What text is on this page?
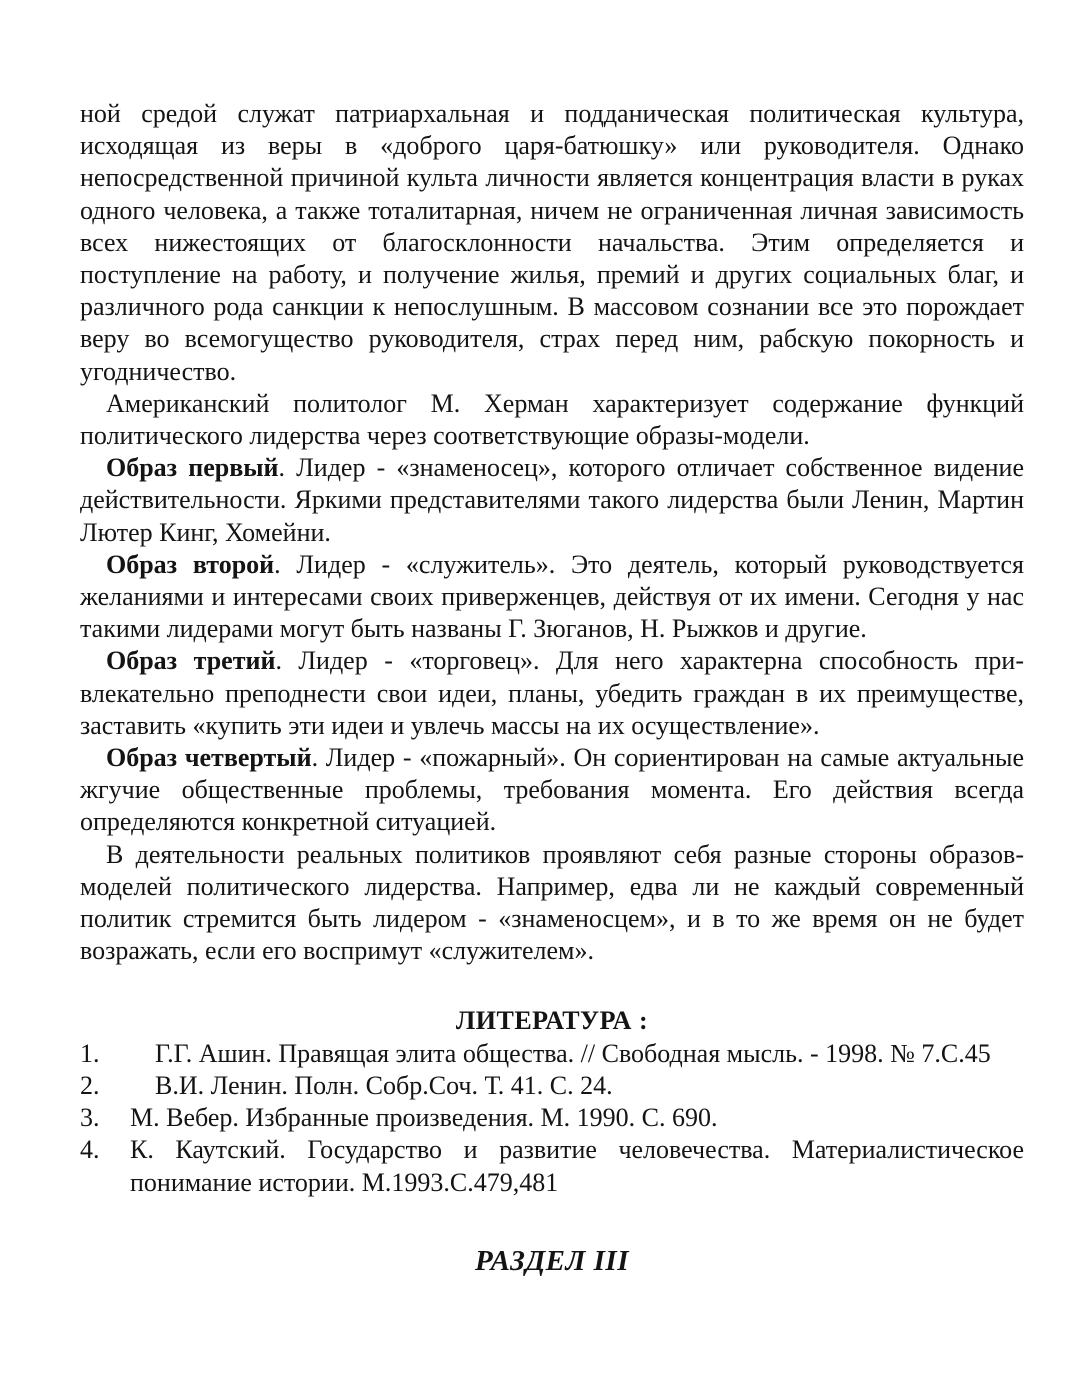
ной средой служат патриархальная и подданическая политическая культура, исходящая из веры в «доброго царя-батюшку» или руководителя. Однако непосредственной причиной культа личности является концентрация власти в руках одного человека, а также тоталитарная, ничем не ограниченная личная зависимость всех нижестоящих от благосклонности начальства. Этим определяется и поступление на работу, и получение жилья, премий и других социальных благ, и различного рода санкции к непослушным. В массовом сознании все это порождает веру во всемогущество руководителя, страх перед ним, рабскую покорность и угодничество.

Американский политолог М. Херман характеризует содержание функций политического лидерства через соответствующие образы-модели.

Образ первый. Лидер - «знаменосец», которого отличает собственное видение действительности. Яркими представителями такого лидерства были Ленин, Мартин Лютер Кинг, Хомейни.

Образ второй. Лидер - «служитель». Это деятель, который руководствуется желаниями и интересами своих приверженцев, действуя от их имени. Сегодня у нас такими лидерами могут быть названы Г. Зюганов, Н. Рыжков и другие.

Образ третий. Лидер - «торговец». Для него характерна способность привлекательно преподнести свои идеи, планы, убедить граждан в их преимуществе, заставить «купить эти идеи и увлечь массы на их осуществление».

Образ четвертый. Лидер - «пожарный». Он сориентирован на самые актуальные жгучие общественные проблемы, требования момента. Его действия всегда определяются конкретной ситуацией.

В деятельности реальных политиков проявляют себя разные стороны образов-моделей политического лидерства. Например, едва ли не каждый современный политик стремится быть лидером - «знаменосцем», и в то же время он не будет возражать, если его воспримут «служителем».

ЛИТЕРАТУРА :
1.	Г.Г. Ашин. Правящая элита общества. // Свободная мысль. - 1998. № 7.С.45
2.	В.И. Ленин. Полн. Собр.Соч. Т. 41. С. 24.
3. М. Вебер. Избранные произведения. М. 1990. С. 690.
4. К. Каутский. Государство и развитие человечества. Материалистическое понимание истории. М.1993.С.479,481
РАЗДЕЛ III
